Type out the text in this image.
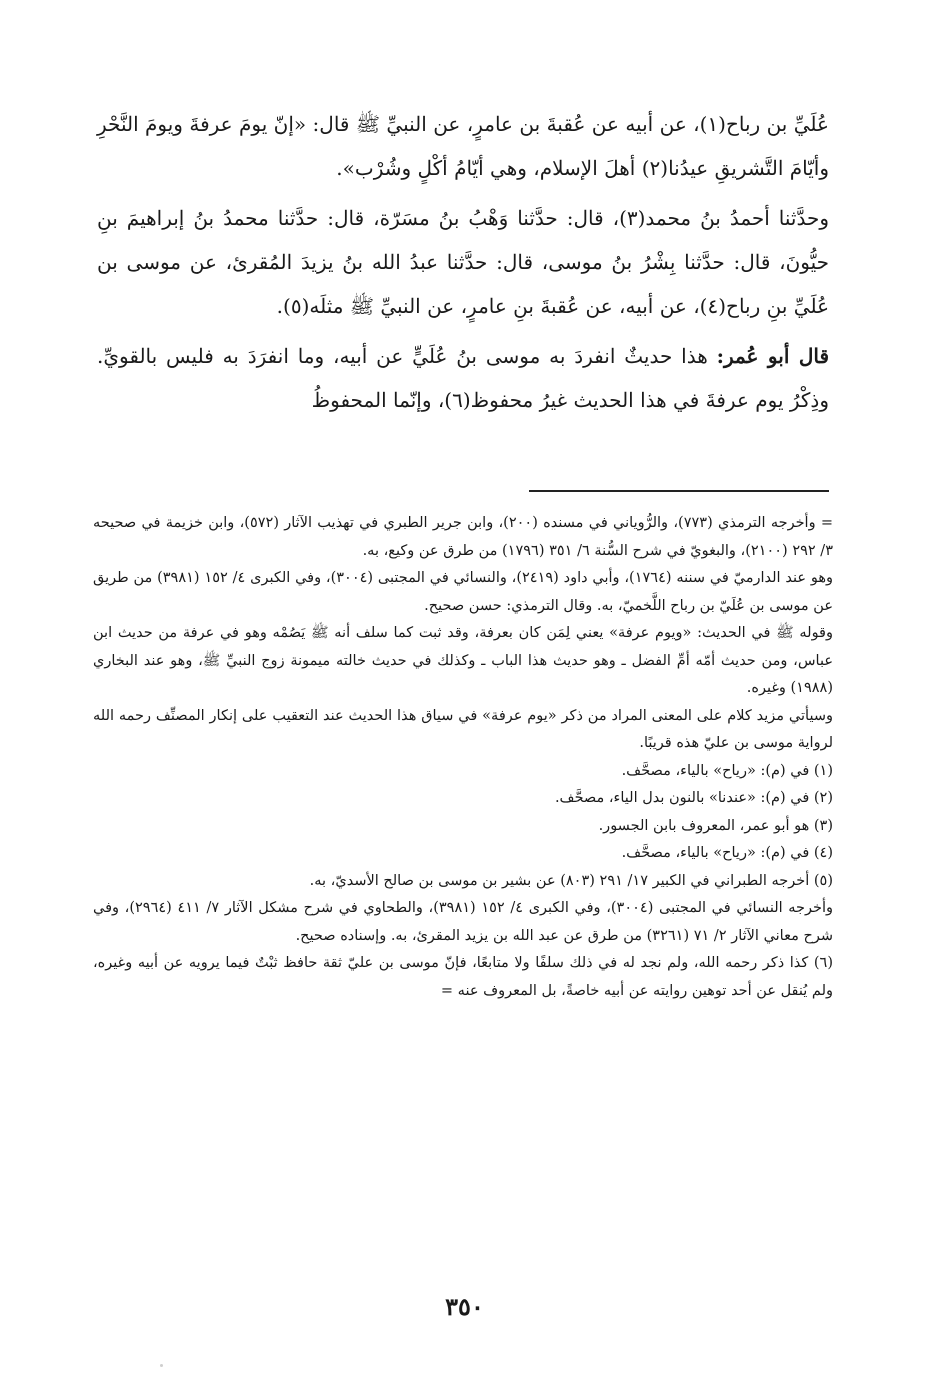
عُلَيِّ بن رباح(١)، عن أبيه عن عُقبةَ بن عامرٍ، عن النبيِّ ﷺ قال: «إنّ يومَ عرفةَ ويومَ النَّحْرِ وأيّامَ التَّشريقِ عيدُنا(٢) أهلَ الإسلام، وهي أيّامُ أكْلٍ وشُرْب».

وحدَّثنا أحمدُ بنُ محمد(٣)، قال: حدَّثنا وَهْبُ بنُ مسَرّة، قال: حدَّثنا محمدُ بنُ إبراهيمَ بنِ حيُّونَ، قال: حدَّثنا بِشْرُ بنُ موسى، قال: حدَّثنا عبدُ الله بنُ يزيدَ المُقرئ، عن موسى بن عُلَيِّ بنِ رباح(٤)، عن أبيه، عن عُقبةَ بنِ عامرٍ، عن النبيِّ ﷺ مثلَه(٥).

قال أبو عُمر: هذا حديثٌ انفردَ به موسى بنُ عُلَيٍّ عن أبيه، وما انفرَدَ به فليس بالقويِّ. وذِكْرُ يوم عرفةَ في هذا الحديث غيرُ محفوظ(٦)، وإنّما المحفوظُ

= وأخرجه الترمذي (٧٧٣)، والرُّوياني في مسنده (٢٠٠)، وابن جرير الطبري في تهذيب الآثار (٥٧٢)، وابن خزيمة في صحيحه ٣/ ٢٩٢ (٢١٠٠)، والبغويّ في شرح السُّنة ٦/ ٣٥١ (١٧٩٦) من طرق عن وكيع، به.

وهو عند الدارميّ في سننه (١٧٦٤)، وأبي داود (٢٤١٩)، والنسائي في المجتبى (٣٠٠٤)، وفي الكبرى ٤/ ١٥٢ (٣٩٨١) من طريق عن موسى بن عُلَيّ بن رباح اللَّخميّ، به. وقال الترمذي: حسن صحيح.

وقوله ﷺ في الحديث: «ويوم عرفة» يعني لِمَن كان بعرفة، وقد ثبت كما سلف أنه ﷺ يَصُمْه وهو في عرفة من حديث ابن عباس، ومن حديث أمّه أمِّ الفضل ـ وهو حديث هذا الباب ـ وكذلك في حديث خالته ميمونة زوج النبيِّ ﷺ، وهو عند البخاري (١٩٨٨) وغيره.

وسيأتي مزيد كلام على المعنى المراد من ذكر «يوم عرفة» في سياق هذا الحديث عند التعقيب على إنكار المصنِّف رحمه الله لرواية موسى بن عليّ هذه قريبًا.

(١) في (م): «رياح» بالياء، مصحَّف.

(٢) في (م): «عندنا» بالنون بدل الياء، مصحَّف.

(٣) هو أبو عمر، المعروف بابن الجسور.

(٤) في (م): «رياح» بالياء، مصحَّف.

(٥) أخرجه الطبراني في الكبير ١٧/ ٢٩١ (٨٠٣) عن بشير بن موسى بن صالح الأسديّ، به.

وأخرجه النسائي في المجتبى (٣٠٠٤)، وفي الكبرى ٤/ ١٥٢ (٣٩٨١)، والطحاوي في شرح مشكل الآثار ٧/ ٤١١ (٢٩٦٤)، وفي شرح معاني الآثار ٢/ ٧١ (٣٢٦١) من طرق عن عبد الله بن يزيد المقرئ، به. وإسناده صحيح.

(٦) كذا ذكر رحمه الله، ولم نجد له في ذلك سلفًا ولا متابعًا، فإنّ موسى بن عليّ ثقة حافظ ثبْتٌ فيما يرويه عن أبيه وغيره، ولم يُنقل عن أحد توهين روايته عن أبيه خاصةً، بل المعروف عنه =

٣٥٠
